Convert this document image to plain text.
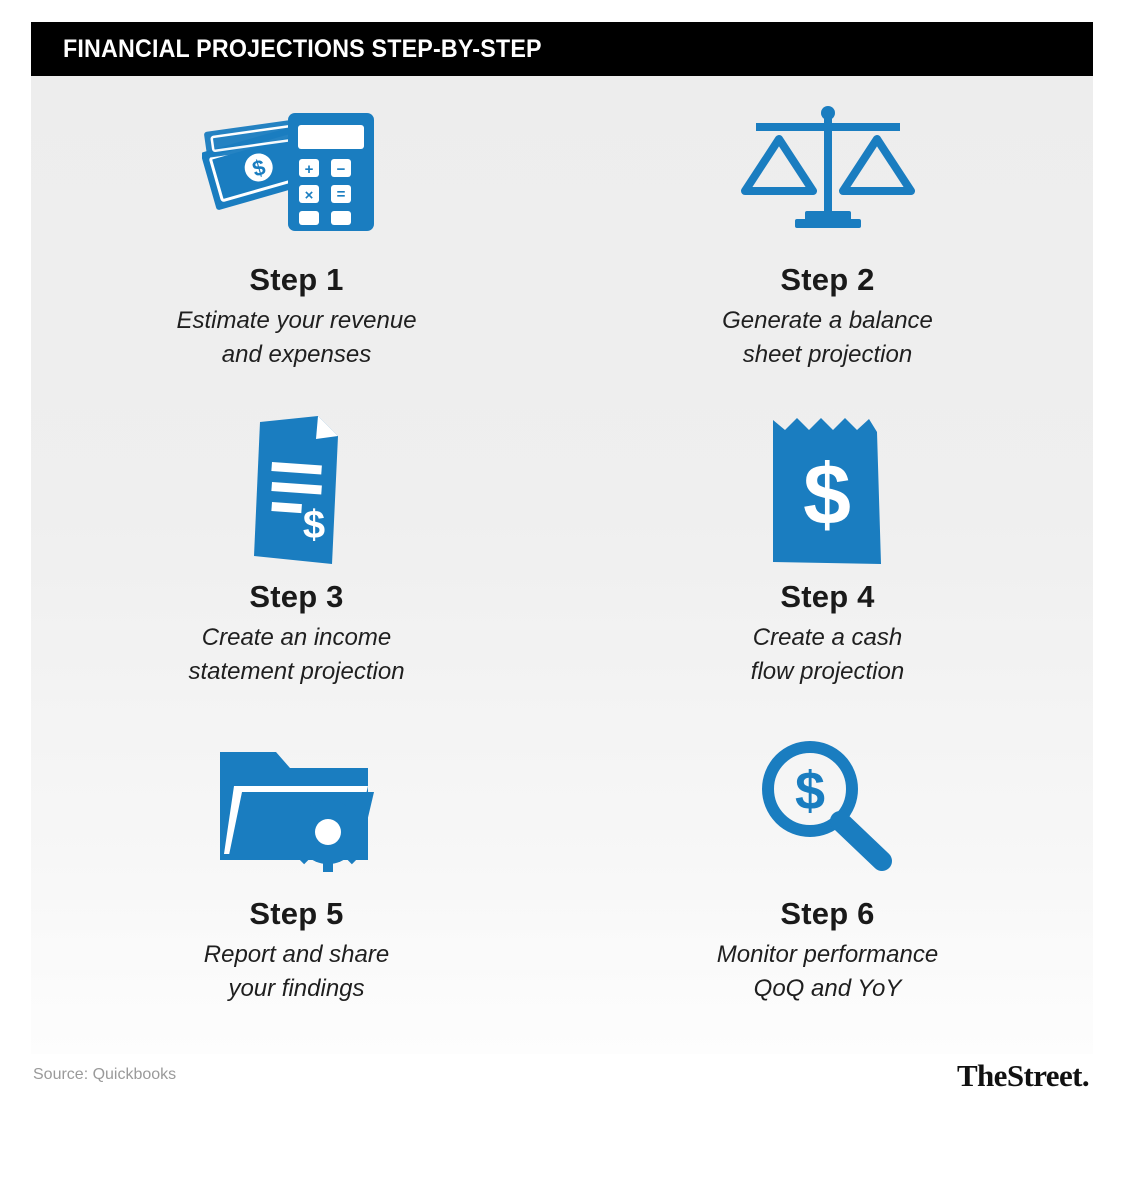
FINANCIAL PROJECTIONS STEP-BY-STEP
$ + −
× =
Step 1
Estimate your revenue
and expenses
Step 2
Generate a balance
sheet projection
$
Step 3
Create an income
statement projection
$
Step 4
Create a cash
flow projection
Step 5
Report and share
your findings
$
Step 6
Monitor performance
QoQ and YoY
Source: Quickbooks	TheStreet.
